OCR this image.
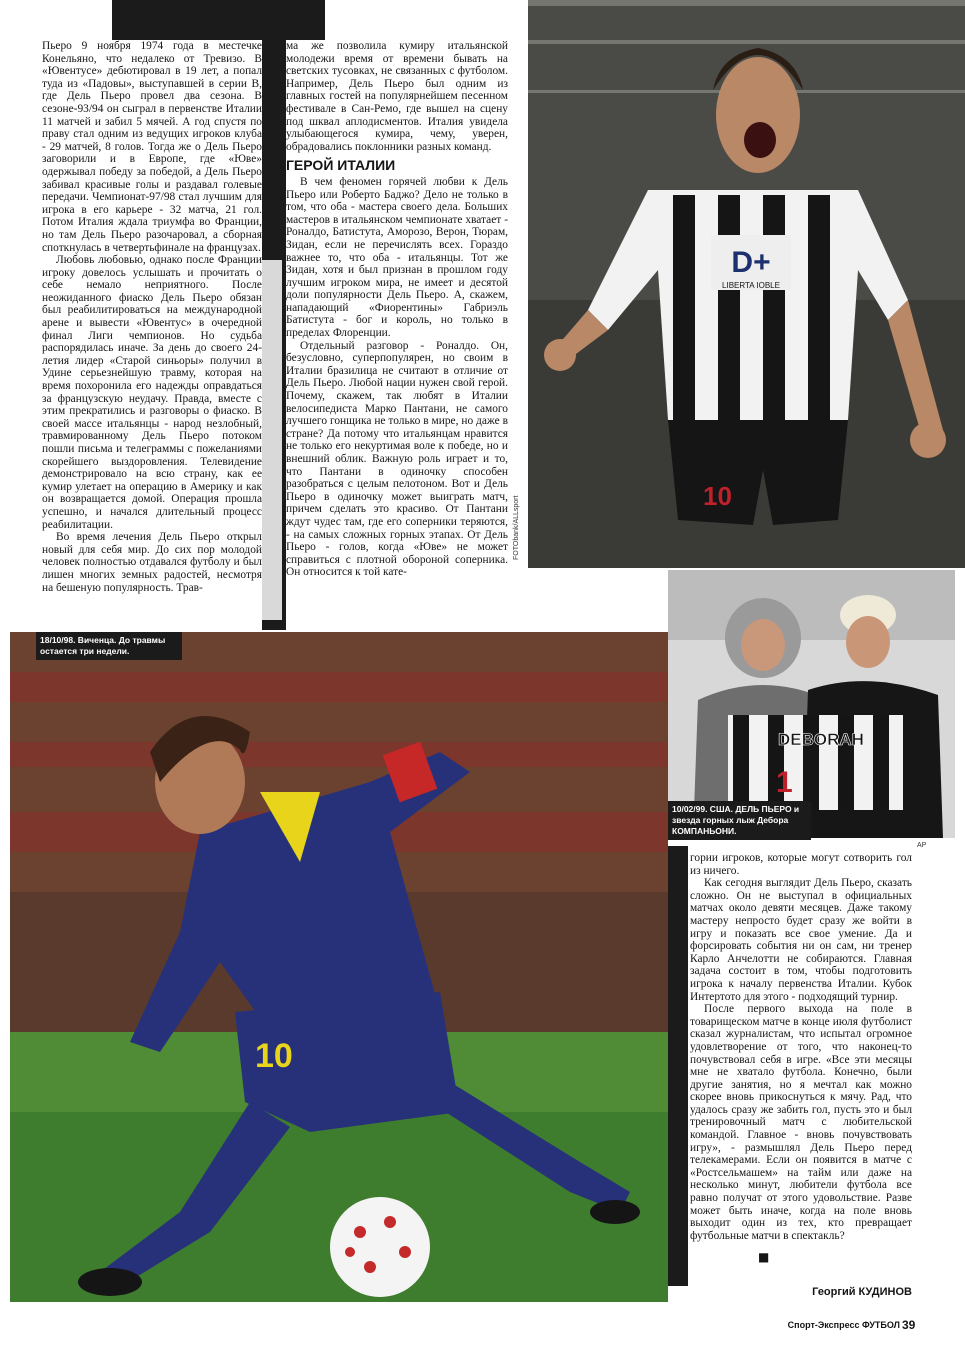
Пьеро 9 ноября 1974 года в местечке Конельяно, что недалеко от Тревизо. В «Ювентусе» дебютировал в 19 лет, а попал туда из «Падовы», выступавшей в серии В, где Дель Пьеро провел два сезона. В сезоне-93/94 он сыграл в первенстве Италии 11 матчей и забил 5 мячей. А год спустя по праву стал одним из ведущих игроков клуба - 29 матчей, 8 голов. Тогда же о Дель Пьеро заговорили и в Европе, где «Юве» одержывал победу за победой, а Дель Пьеро забивал красивые голы и раздавал голевые передачи. Чемпионат-97/98 стал лучшим для игрока в его карьере - 32 матча, 21 гол. Потом Италия ждала триумфа во Франции, но там Дель Пьеро разочаровал, а сборная споткнулась в четвертьфинале на французах.

Любовь любовью, однако после Франции игроку довелось услышать и прочитать о себе немало неприятного. После неожиданного фиаско Дель Пьеро обязан был реабилитироваться на международной арене и вывести «Ювентус» в очередной финал Лиги чемпионов. Но судьба распорядилась иначе. За день до своего 24-летия лидер «Старой синьоры» получил в Удине серьезнейшую травму, которая на время похоронила его надежды оправдаться за французскую неудачу. Правда, вместе с этим прекратились и разговоры о фиаско. В своей массе итальянцы - народ незлобный, травмированному Дель Пьеро потоком пошли письма и телеграммы с пожеланиями скорейшего выздоровления. Телевидение демонстрировало на всю страну, как ее кумир улетает на операцию в Америку и как он возвращается домой. Операция прошла успешно, и начался длительный процесс реабилитации.

Во время лечения Дель Пьеро открыл новый для себя мир. До сих пор молодой человек полностью отдавался футболу и был лишен многих земных радостей, несмотря на бешеную популярность. Трав-

ма же позволила кумиру итальянской молодежи время от времени бывать на светских тусовках, не связанных с футболом. Например, Дель Пьеро был одним из главных гостей на популярнейшем песенном фестивале в Сан-Ремо, где вышел на сцену под шквал аплодисментов. Италия увидела улыбающегося кумира, чему, уверен, обрадовались поклонники разных команд.

ГЕРОЙ ИТАЛИИ

В чем феномен горячей любви к Дель Пьеро или Роберто Баджо? Дело не только в том, что оба - мастера своего дела. Больших мастеров в итальянском чемпионате хватает - Роналдо, Батистута, Аморозо, Верон, Тюрам, Зидан, если не перечислять всех. Гораздо важнее то, что оба - итальянцы. Тот же Зидан, хотя и был признан в прошлом году лучшим игроком мира, не имеет и десятой доли популярности Дель Пьеро. А, скажем, нападающий «Фиорентины» Габриэль Батистута - бог и король, но только в пределах Флоренции.

Отдельный разговор - Роналдо. Он, безусловно, суперпопулярен, но своим в Италии бразилица не считают в отличие от Дель Пьеро. Любой нации нужен свой герой. Почему, скажем, так любят в Италии велосипедиста Марко Пантани, не самого лучшего гонщика не только в мире, но даже в стране? Да потому что итальянцам нравится не только его некуртимая воле к победе, но и внешний облик. Важную роль играет и то, что Пантани в одиночку способен разобраться с целым пелотоном. Вот и Дель Пьеро в одиночку может выиграть матч, причем сделать это красиво. От Пантани ждут чудес там, где его соперники теряются, - на самых сложных горных этапах. От Дель Пьеро - голов, когда «Юве» не может справиться с плотной обороной соперника. Он относится к той кате-

D+
LIBERTA IOBLE
10
FOTObank/ALLsport
10
18/10/98. Виченца. До травмы остается три недели.
DEBORAH
1
10/02/99. США. ДЕЛЬ ПЬЕРО и звезда горных лыж Дебора КОМПАНЬОНИ.
AP

гории игроков, которые могут сотворить гол из ничего.

Как сегодня выглядит Дель Пьеро, сказать сложно. Он не выступал в официальных матчах около девяти месяцев. Даже такому мастеру непросто будет сразу же войти в игру и показать все свое умение. Да и форсировать события ни он сам, ни тренер Карло Анчелотти не собираются. Главная задача состоит в том, чтобы подготовить игрока к началу первенства Италии. Кубок Интертото для этого - подходящий турнир.

После первого выхода на поле в товарищеском матче в конце июля футболист сказал журналистам, что испытал огромное удовлетворение от того, что наконец-то почувствовал себя в игре. «Все эти месяцы мне не хватало футбола. Конечно, были другие занятия, но я мечтал как можно скорее вновь прикоснуться к мячу. Рад, что удалось сразу же забить гол, пусть это и был тренировочный матч с любительской командой. Главное - вновь почувствовать игру», - размышлял Дель Пьеро перед телекамерами. Если он появится в матче с «Ростсельмашем» на тайм или даже на несколько минут, любители футбола все равно получат от этого удовольствие. Разве может быть иначе, когда на поле вновь выходит один из тех, кто превращает футбольные матчи в спектакль?

■
Георгий КУДИНОВ
Спорт-Экспресс ФУТБОЛ 39
